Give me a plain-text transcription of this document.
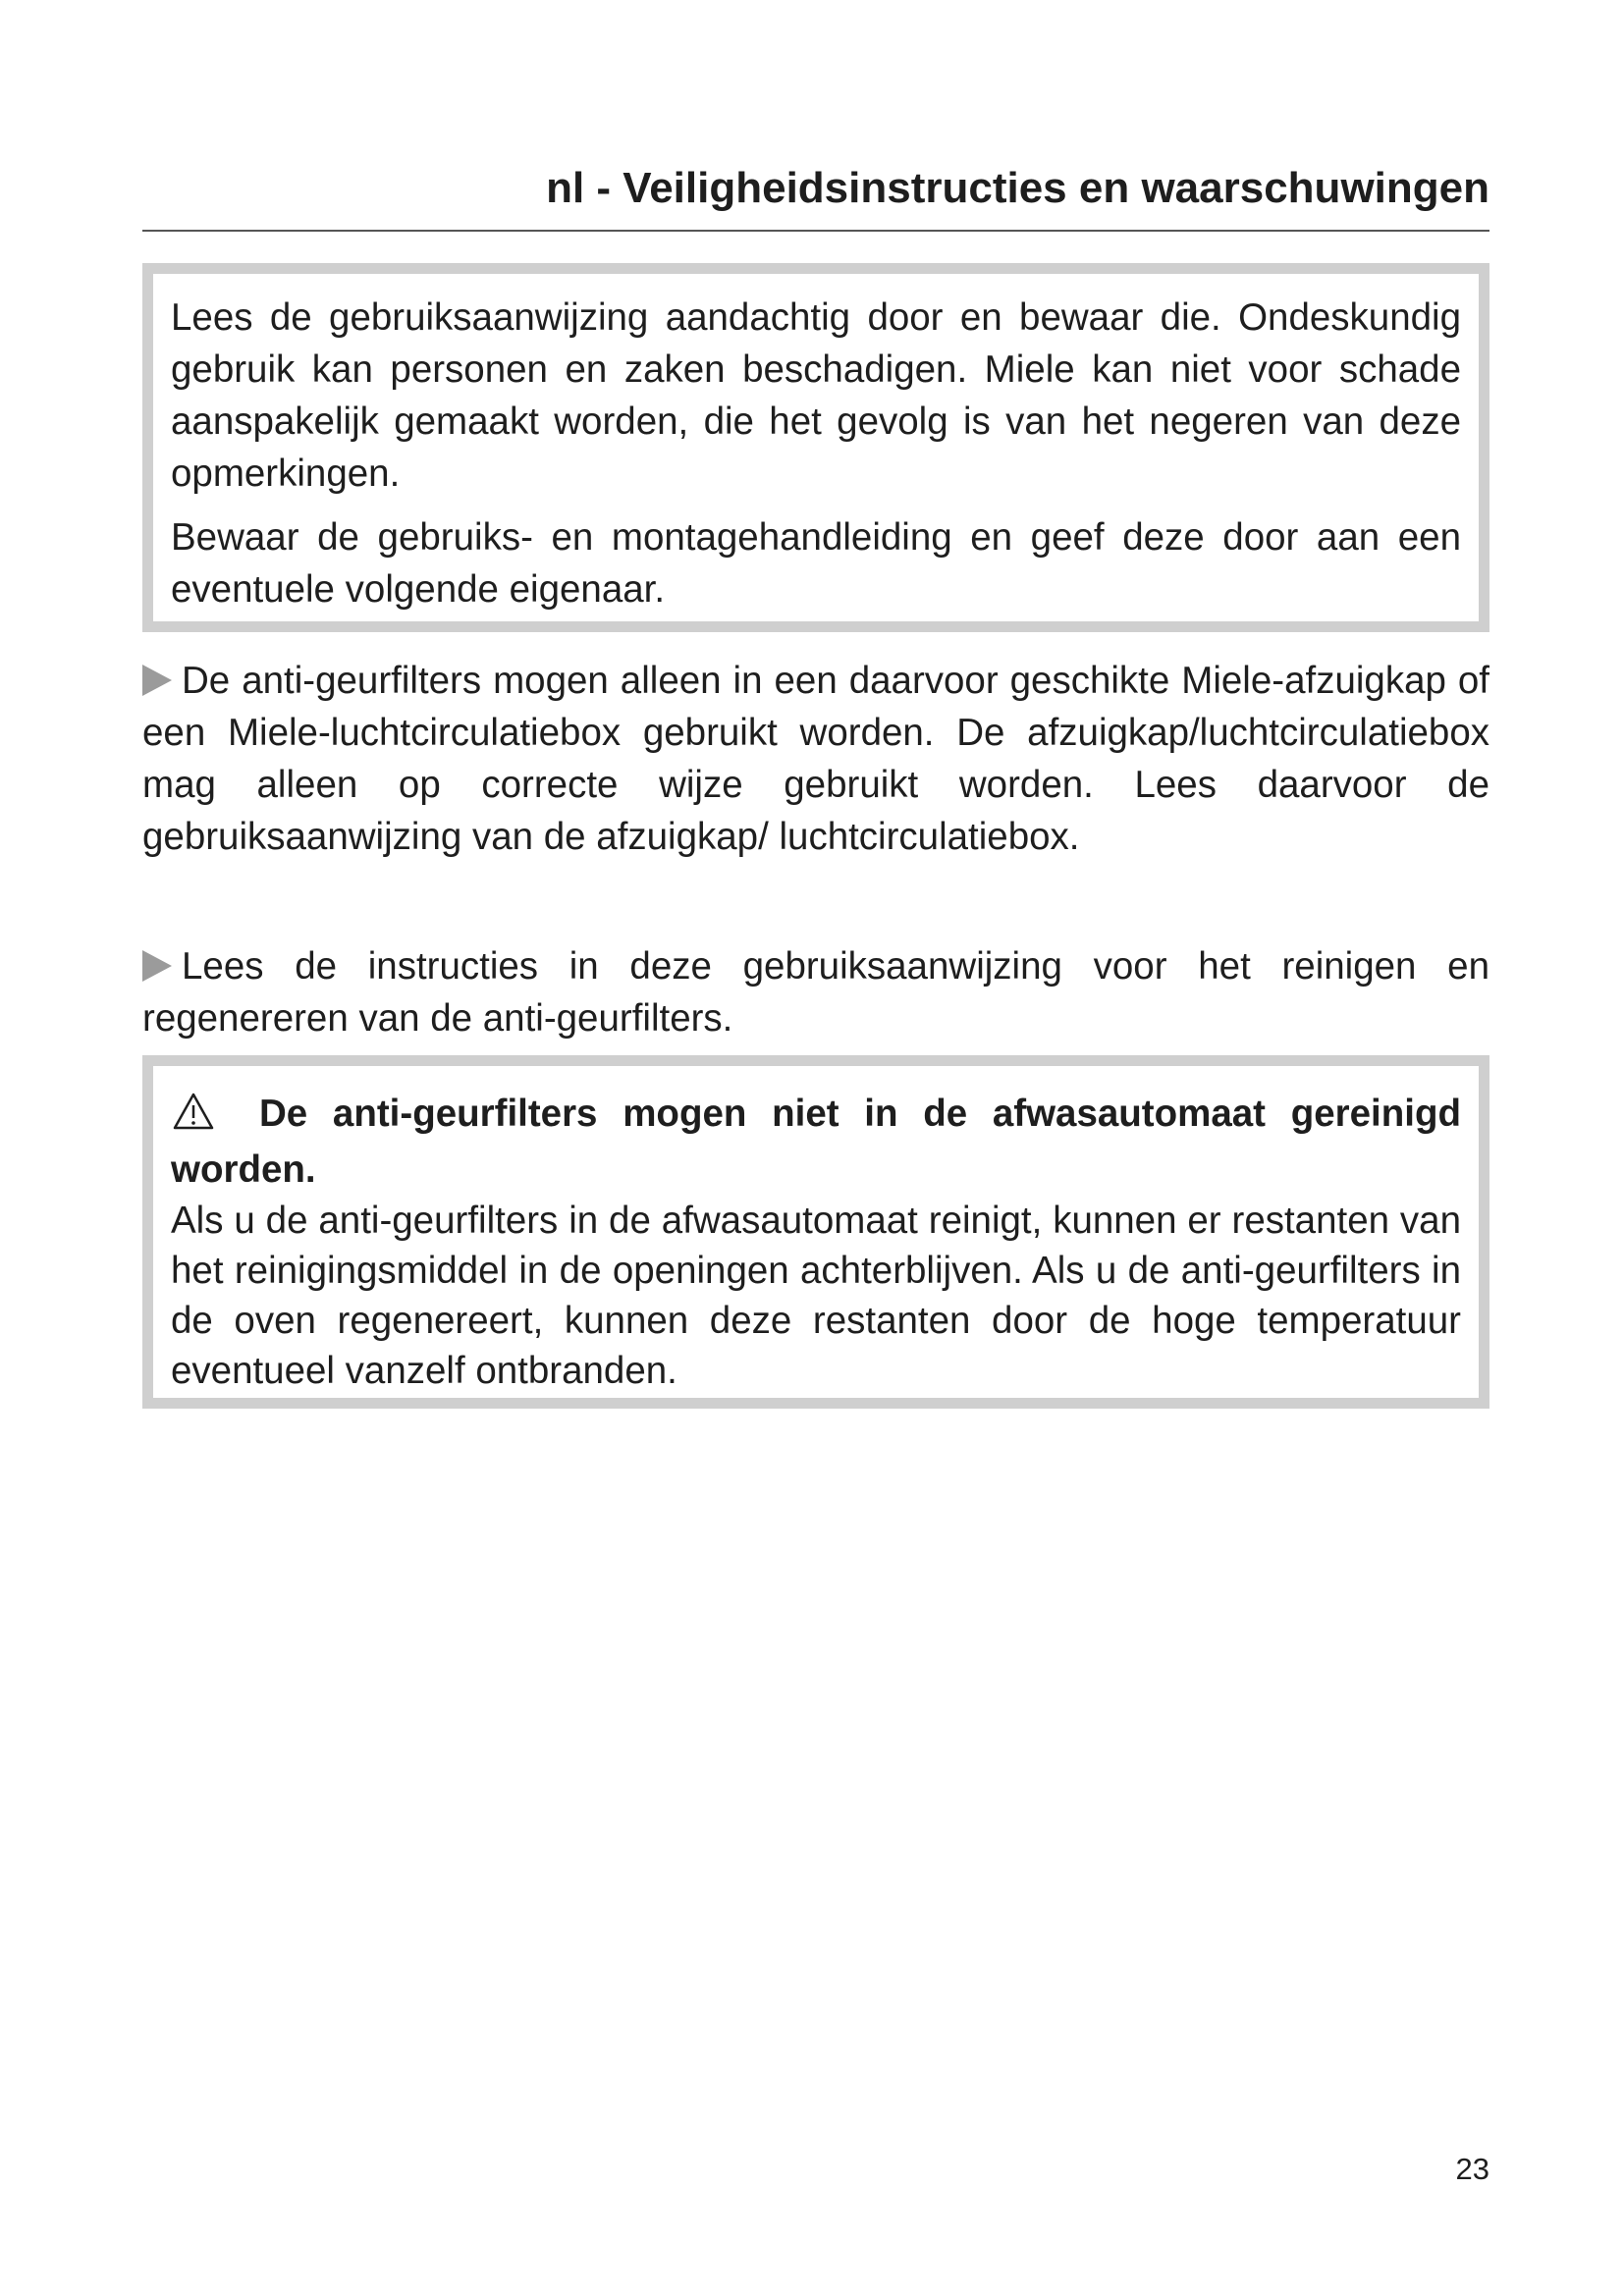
nl - Veiligheidsinstructies en waarschuwingen

Lees de gebruiksaanwijzing aandachtig door en bewaar die. Ondeskundig gebruik kan personen en zaken beschadigen. Miele kan niet voor schade aanspakelijk gemaakt worden, die het gevolg is van het negeren van deze opmerkingen.

Bewaar de gebruiks- en montagehandleiding en geef deze door aan een eventuele volgende eigenaar.

De anti-geurfilters mogen alleen in een daarvoor geschikte Miele-afzuigkap of een Miele-luchtcirculatiebox gebruikt worden. De afzuigkap/luchtcirculatiebox mag alleen op correcte wijze gebruikt worden. Lees daarvoor de gebruiksaanwijzing van de afzuigkap/ luchtcirculatiebox.
Lees de instructies in deze gebruiksaanwijzing voor het reinigen en regenereren van de anti-geurfilters.
De anti-geurfilters mogen niet in de afwasautomaat gereinigd worden.
Als u de anti-geurfilters in de afwasautomaat reinigt, kunnen er restanten van het reinigingsmiddel in de openingen achterblijven. Als u de anti-geurfilters in de oven regenereert, kunnen deze restanten door de hoge temperatuur eventueel vanzelf ontbranden.
23
